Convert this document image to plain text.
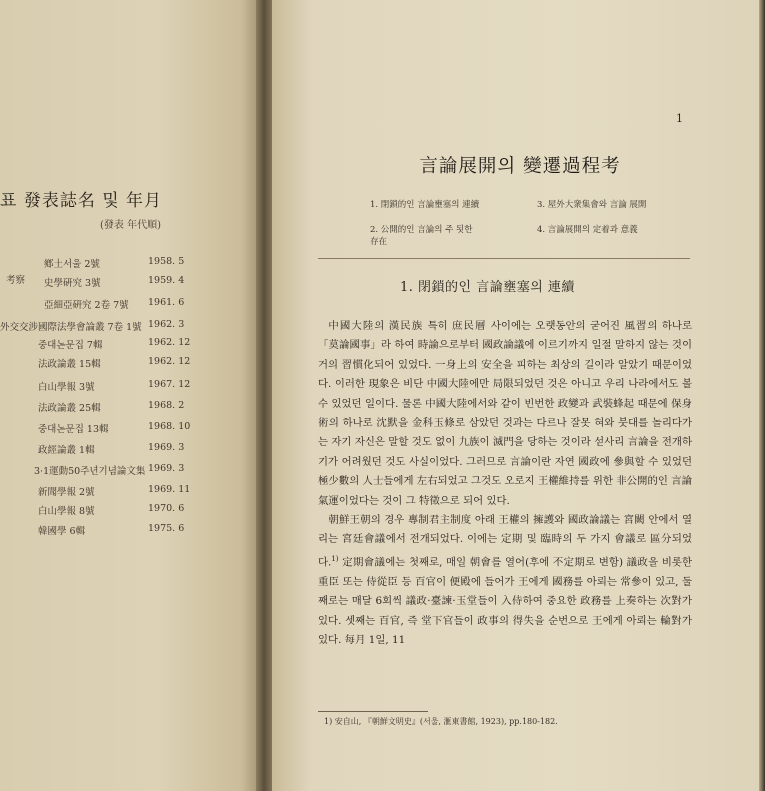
표 發表誌名 및 年月
(發表 年代順)
考察
外交交涉
鄕土서울 2號	1958. 5
史學硏究 3號	1959. 4
亞細亞硏究 2卷 7號 1961. 6
國際法學會論叢 7卷 1號 1962. 3
중대논문집 7輯	1962. 12
法政論叢 15輯	1962. 12
白山學報 3號	1967. 12
法政論叢 25輯	1968. 2
중대논문집 13輯	1968. 10
政經論叢 1輯	1969. 3
3·1運動50주년기념論文集 1969. 3
新聞學報 2號	1969. 11
白山學報 8號	1970. 6
韓國學 6輯	1975. 6
1
言論展開의 變遷過程考
1. 閉鎖的인 言論壅塞의 連續
2. 公開的인 言論의 주 됫한 存在
3. 屋外大衆集會와 言論 展開
4. 言論展開의 定着과 意義
1. 閉鎖的인 言論壅塞의 連續

中國大陸의 漢民族 특히 庶民層 사이에는 오랫동안의 굳어진 風習의 하나로 「莫論國事」라 하여 時論으로부터 國政論議에 이르기까지 일절 말하지 않는 것이 거의 習慣化되어 있었다. 一身上의 安全을 피하는 최상의 길이라 알았기 때문이었다. 이러한 現象은 비단 中國大陸에만 局限되었던 것은 아니고 우리 나라에서도 볼 수 있었던 일이다. 물론 中國大陸에서와 같이 빈번한 政變과 武裝蜂起 때문에 保身術의 하나로 沈默을 金科玉條로 삼았던 것과는 다르나 잘못 혀와 붓대를 놀리다가는 자기 자신은 말할 것도 없이 九族이 滅門을 당하는 것이라 섣사리 言論을 전개하기가 어려웠던 것도 사실이었다. 그러므로 言論이란 자연 國政에 參與할 수 있었던 極少數의 人士들에게 左右되었고 그것도 오로지 王權維持를 위한 非公開的인 言論氣運이었다는 것이 그 特徵으로 되어 있다.

朝鮮王朝의 경우 專制君主制度 아래 王權의 擁護와 國政論議는 宮闕 안에서 열리는 宮廷會議에서 전개되었다. 이에는 定期 및 臨時의 두 가지 會議로 區分되었다.$^{1)}$ 定期會議에는 첫째로, 매일 朝會를 열어(후에 不定期로 변함) 議政을 비롯한 重臣 또는 侍從臣 등 百官이 便殿에 들어가 王에게 國務를 아뢰는 常參이 있고, 둘째로는 매달 6회씩 議政·臺諫·玉堂들이 入侍하여 중요한 政務를 上奏하는 次對가 있다. 셋째는 百官, 즉 堂下官들이 政事의 得失을 순번으로 王에게 아뢰는 輪對가 있다. 每月 1일, 11

1) 安自山, 『朝鮮文明史』(서울, 滙東書館, 1923), pp.180-182.
